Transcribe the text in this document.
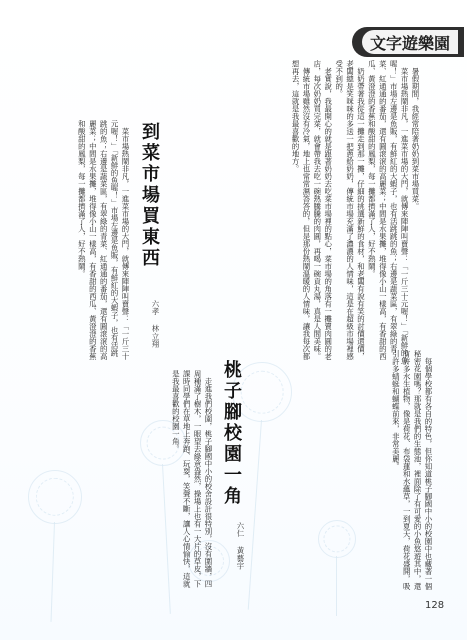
文字遊樂園

　暑假期間，我經常陪著奶奶到菜市場買菜。

　菜市場熱鬧非凡，一進菜市場的大門，就傳來陣陣叫賣聲：「一斤三十元喔！」「新鮮的魚喔！」市場左邊是魚販，有鮮紅的大蝦子，也有活跳跳的魚；右邊是蔬菜區，有翠綠的青菜、紅通通的番茄，還有圓滾滾的高麗菜；中間是水果攤，堆得像小山一樣高，有香甜的西瓜、黃澄澄的香蕉和酸甜的鳳梨，每一攤都擠滿了人，好不熱鬧。

　奶奶帶著我從這一攤走到那一攤，仔細的挑選新鮮的食材，和老闆有說有笑的討價還價，老闆總是笑咪咪的多送一把蔥給奶奶，傳統市場充滿了濃濃的人情味，這是在超級市場裡感受不到的。

　老實說，我最開心的就是跟著奶奶去吃菜市場裡的點心，菜市場的角落有一攤賣肉圓的老店，每次奶奶買完菜，就會帶我去吃一碗熱騰騰的肉圓，再喝一碗貢丸湯，真是人間美味。

　傳統市場雖然沒有冷氣，地上也常常濕答答的，但是那份熱鬧溫暖的人情味，讓我每次都想再去，這就是我最喜歡的地方。

到菜市場買東西
六孝 林立翔

　菜市場熱鬧非凡，一進菜市場的大門，就傳來陣陣叫賣聲：「一斤三十元喔！」「新鮮的魚喔！」市場左邊是魚販，有鮮紅的大蝦子，也有活跳跳的魚；右邊是蔬菜區，有翠綠的青菜、紅通通的番茄，還有圓滾滾的高麗菜；中間是水果攤，堆得像小山一樣高，有香甜的西瓜、黃澄澄的香蕉和酸甜的鳳梨，每一攤都擠滿了人，好不熱鬧。

　每個學校都有各自的特色，但你知道桃子腳國中小的校園中也藏著一個秘密花園嗎？那就是我們的生態池，裡面除了有可愛的小魚悠遊其中，還有許多水生植物，像是荷花、布袋蓮和水蘊草，一到夏天，荷花盛開，吸引許多蜻蜓和蝴蝶前來，非常美麗。

桃子腳校園一角
六仁 黃藝宇

　走進我們校園，桃子腳國中小的校舍設計很特別，沒有圍牆，四周種滿了樹木，一眼望去綠意盎然，操場上也有一大片的草皮，下課時同學們在草地上奔跑、玩耍，笑聲不斷，讓人心情愉快，這就是我最喜歡的校園一角。

128
